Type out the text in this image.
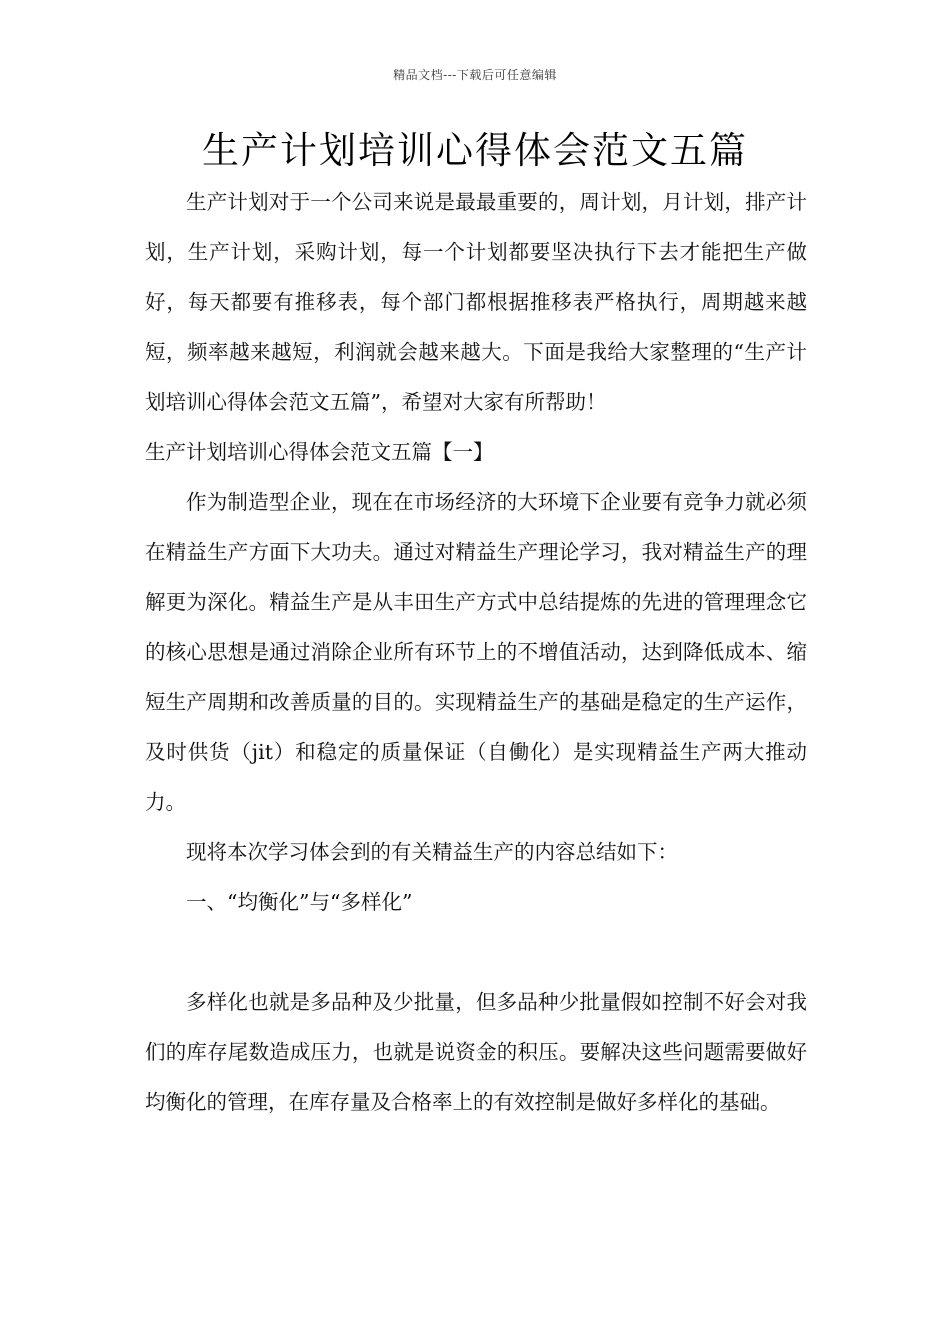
精品文档---下载后可任意编辑
生产计划培训心得体会范文五篇

生产计划对于一个公司来说是最最重要的，周计划，月计划，排产计划，生产计划，采购计划，每一个计划都要坚决执行下去才能把生产做好，每天都要有推移表，每个部门都根据推移表严格执行，周期越来越短，频率越来越短，利润就会越来越大。下面是我给大家整理的“生产计划培训心得体会范文五篇”，希望对大家有所帮助！

生产计划培训心得体会范文五篇【一】

作为制造型企业，现在在市场经济的大环境下企业要有竞争力就必须在精益生产方面下大功夫。通过对精益生产理论学习，我对精益生产的理解更为深化。精益生产是从丰田生产方式中总结提炼的先进的管理理念它的核心思想是通过消除企业所有环节上的不增值活动，达到降低成本、缩短生产周期和改善质量的目的。实现精益生产的基础是稳定的生产运作，及时供货（jit）和稳定的质量保证（自働化）是实现精益生产两大推动力。

现将本次学习体会到的有关精益生产的内容总结如下：

一、“均衡化”与“多样化”

多样化也就是多品种及少批量，但多品种少批量假如控制不好会对我们的库存尾数造成压力，也就是说资金的积压。要解决这些问题需要做好均衡化的管理，在库存量及合格率上的有效控制是做好多样化的基础。
